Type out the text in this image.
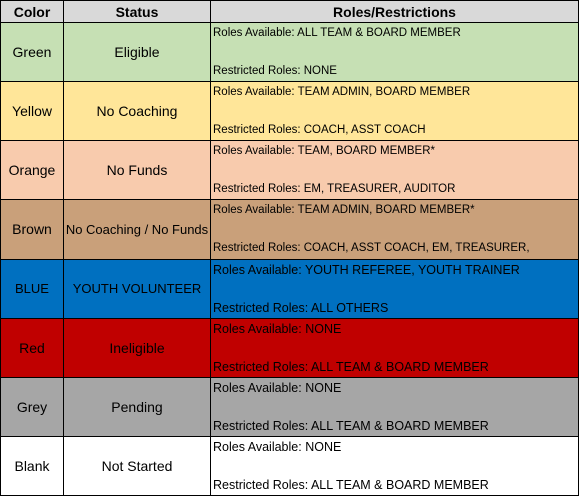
Color	Status	Roles/Restrictions
Green	Eligible	Roles Available: ALL TEAM & BOARD MEMBER
Restricted Roles: NONE

Yellow	No Coaching	Roles Available: TEAM ADMIN, BOARD MEMBER
Restricted Roles: COACH, ASST COACH

Orange	No Funds	Roles Available: TEAM, BOARD MEMBER*
Restricted Roles: EM, TREASURER, AUDITOR

Brown	No Coaching / No Funds	Roles Available: TEAM ADMIN, BOARD MEMBER*
Restricted Roles: COACH, ASST COACH, EM, TREASURER,

BLUE	YOUTH VOLUNTEER	Roles Available: YOUTH REFEREE, YOUTH TRAINER
Restricted Roles: ALL OTHERS

Red	Ineligible	Roles Available: NONE
Restricted Roles: ALL TEAM & BOARD MEMBER

Grey	Pending	Roles Available: NONE
Restricted Roles: ALL TEAM & BOARD MEMBER

Blank	Not Started	Roles Available: NONE
Restricted Roles: ALL TEAM & BOARD MEMBER
